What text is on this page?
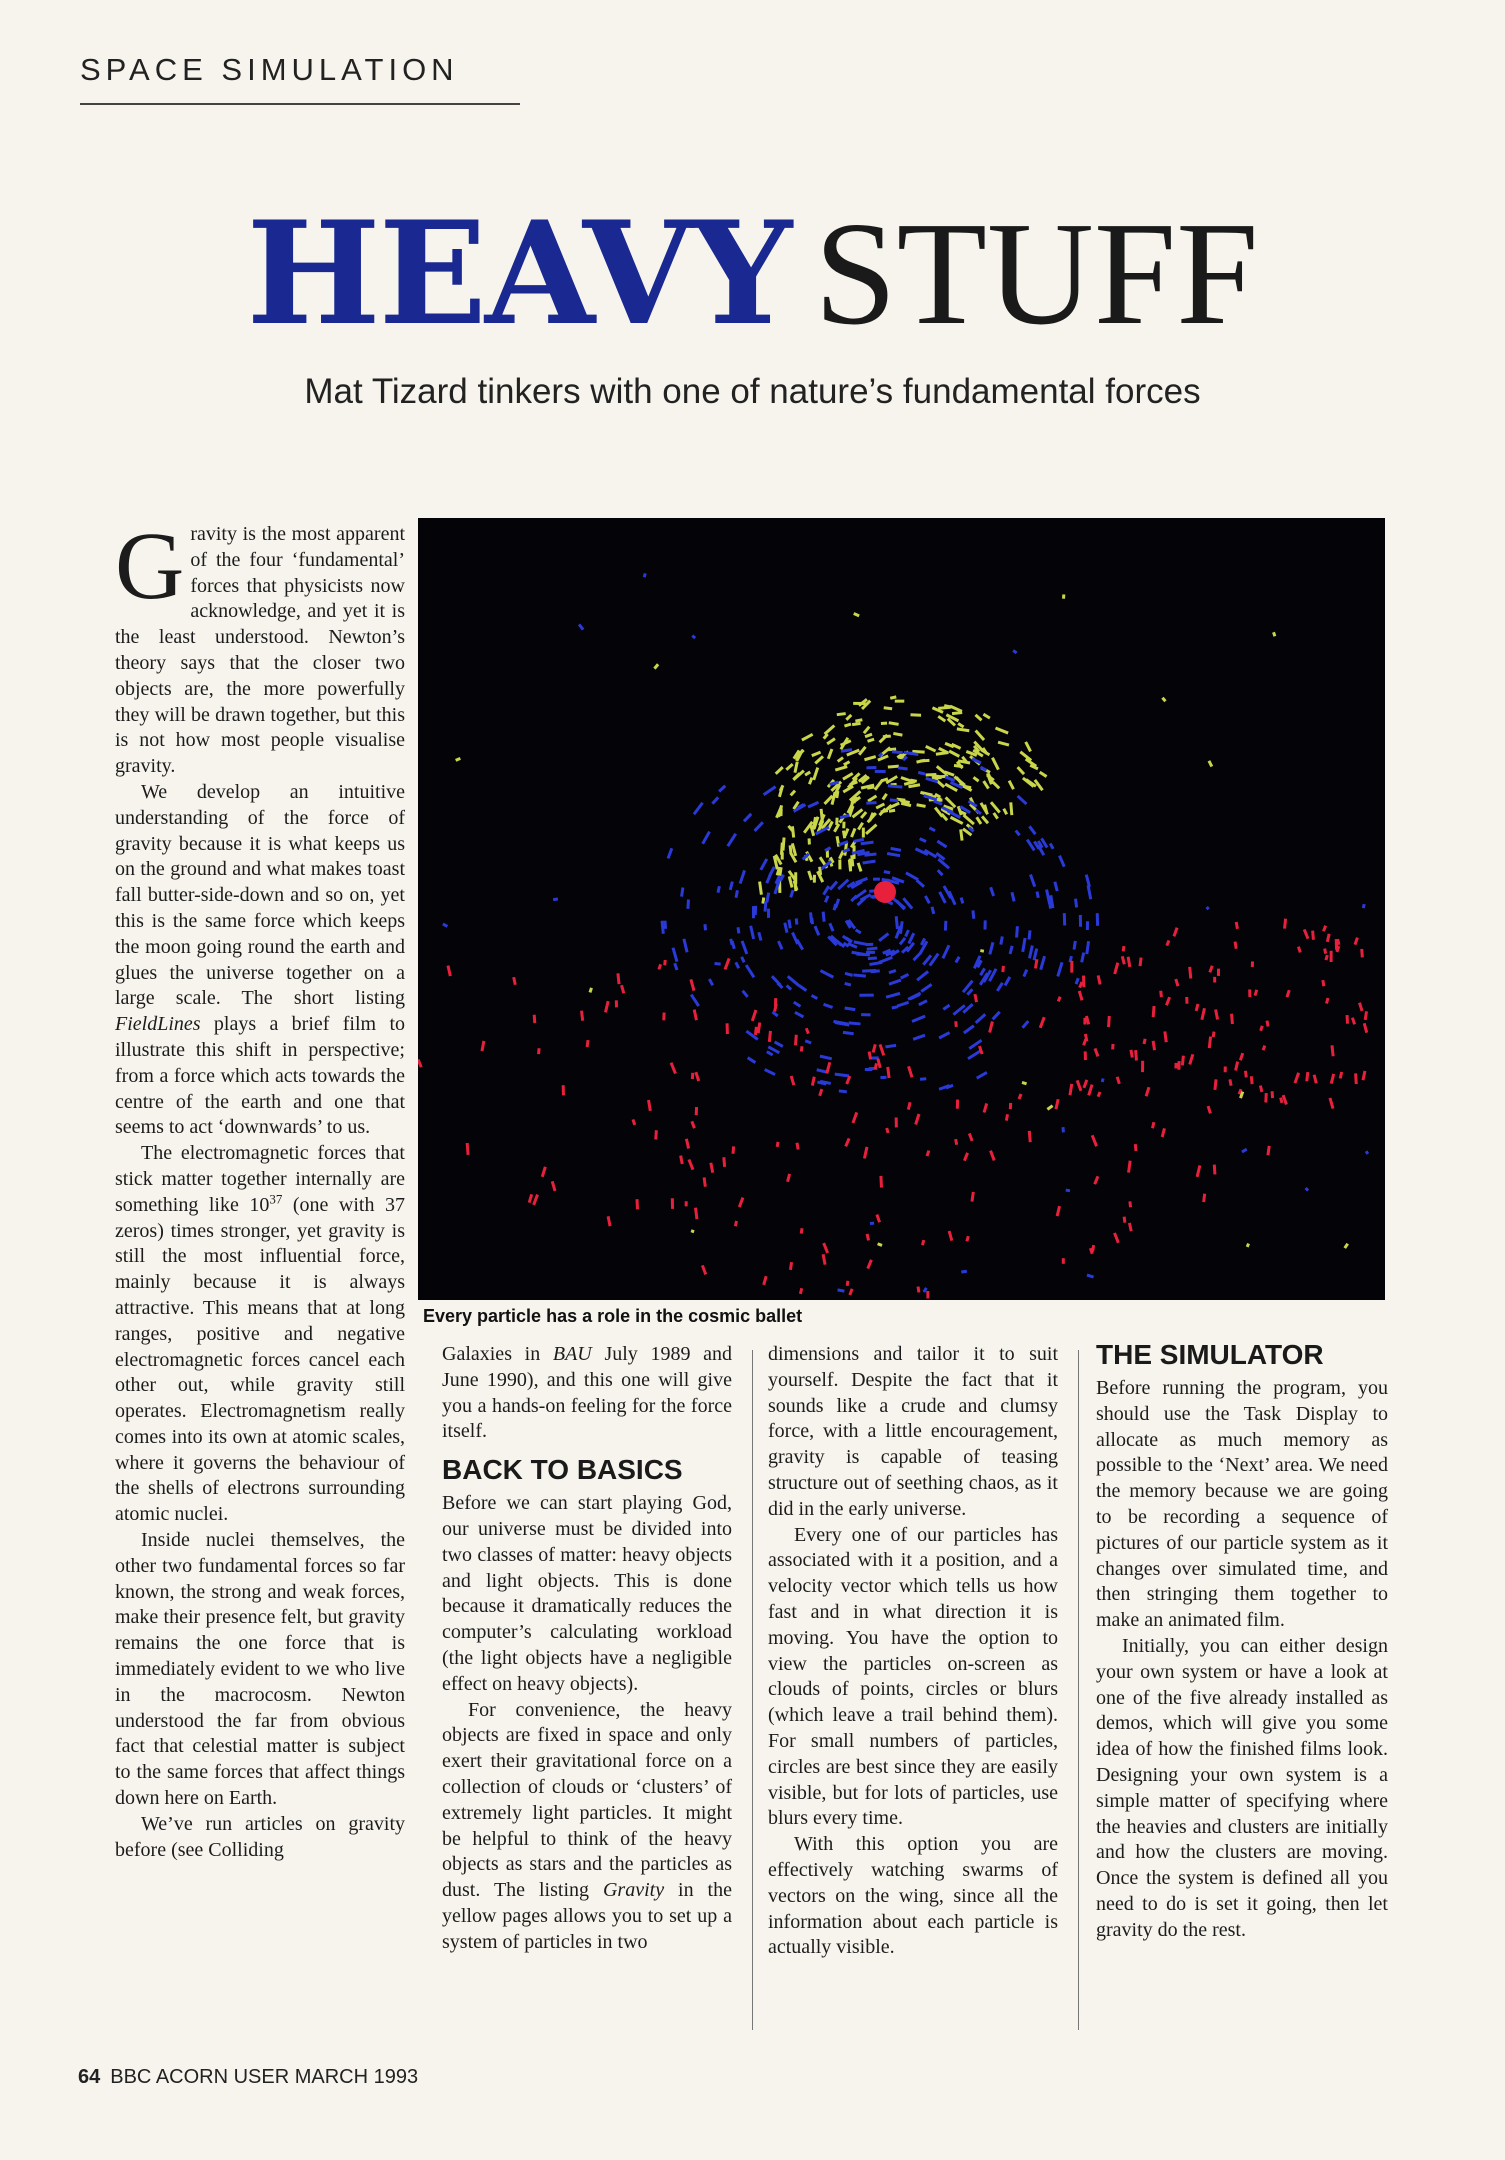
SPACE SIMULATION
HEAVY STUFF
Mat Tizard tinkers with one of nature’s fundamental forces

Gravity is the most apparent of the four ‘fundamental’ forces that physicists now acknowledge, and yet it is the least understood. Newton’s theory says that the closer two objects are, the more powerfully they will be drawn together, but this is not how most people visualise gravity.

We develop an intuitive understanding of the force of gravity because it is what keeps us on the ground and what makes toast fall butter-side-down and so on, yet this is the same force which keeps the moon going round the earth and glues the universe together on a large scale. The short listing FieldLines plays a brief film to illustrate this shift in perspective; from a force which acts towards the centre of the earth and one that seems to act ‘downwards’ to us.

The electromagnetic forces that stick matter together internally are something like $10^{37}$ (one with 37 zeros) times stronger, yet gravity is still the most influential force, mainly because it is always attractive. This means that at long ranges, positive and negative electromagnetic forces cancel each other out, while gravity still operates. Electromagnetism really comes into its own at atomic scales, where it governs the behaviour of the shells of electrons surrounding atomic nuclei.

Inside nuclei themselves, the other two fundamental forces so far known, the strong and weak forces, make their presence felt, but gravity remains the one force that is immediately evident to we who live in the macrocosm. Newton understood the far from obvious fact that celestial matter is subject to the same forces that affect things down here on Earth.

We’ve run articles on gravity before (see Colliding

Every particle has a role in the cosmic ballet

Galaxies in BAU July 1989 and June 1990), and this one will give you a hands-on feeling for the force itself.

BACK TO BASICS

Before we can start playing God, our universe must be divided into two classes of matter: heavy objects and light objects. This is done because it dramatically reduces the computer’s calculating workload (the light objects have a negligible effect on heavy objects).

For convenience, the heavy objects are fixed in space and only exert their gravitational force on a collection of clouds or ‘clusters’ of extremely light particles. It might be helpful to think of the heavy objects as stars and the particles as dust. The listing Gravity in the yellow pages allows you to set up a system of particles in two

dimensions and tailor it to suit yourself. Despite the fact that it sounds like a crude and clumsy force, with a little encouragement, gravity is capable of teasing structure out of seething chaos, as it did in the early universe.

Every one of our particles has associated with it a position, and a velocity vector which tells us how fast and in what direction it is moving. You have the option to view the particles on-screen as clouds of points, circles or blurs (which leave a trail behind them). For small numbers of particles, circles are best since they are easily visible, but for lots of particles, use blurs every time.

With this option you are effectively watching swarms of vectors on the wing, since all the information about each particle is actually visible.

THE SIMULATOR

Before running the program, you should use the Task Display to allocate as much memory as possible to the ‘Next’ area. We need the memory because we are going to be recording a sequence of pictures of our particle system as it changes over simulated time, and then stringing them together to make an animated film.

Initially, you can either design your own system or have a look at one of the five already installed as demos, which will give you some idea of how the finished films look. Designing your own system is a simple matter of specifying where the heavies and clusters are initially and how the clusters are moving. Once the system is defined all you need to do is set it going, then let gravity do the rest.

64 BBC ACORN USER MARCH 1993
